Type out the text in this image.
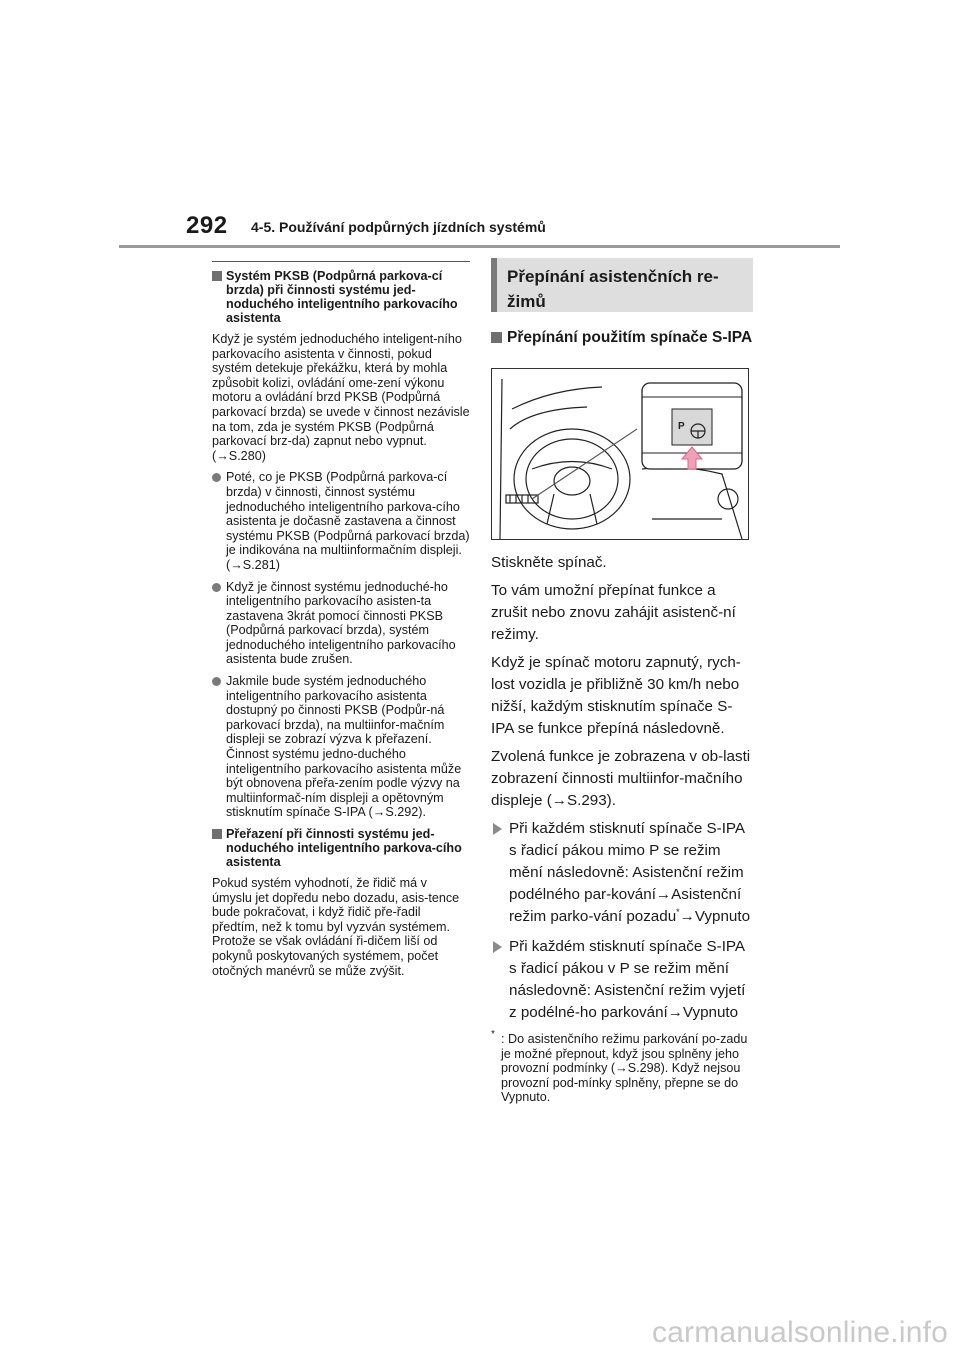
292 4-5. Používání podpůrných jízdních systémů
Systém PKSB (Podpůrná parkova-cí brzda) při činnosti systému jed-noduchého inteligentního parkovacího asistenta

Když je systém jednoduchého inteligent-ního parkovacího asistenta v činnosti, pokud systém detekuje překážku, která by mohla způsobit kolizi, ovládání ome-zení výkonu motoru a ovládání brzd PKSB (Podpůrná parkovací brzda) se uvede v činnost nezávisle na tom, zda je systém PKSB (Podpůrná parkovací brz-da) zapnut nebo vypnut. (→S.280)

Poté, co je PKSB (Podpůrná parkova-cí brzda) v činnosti, činnost systému jednoduchého inteligentního parkova-cího asistenta je dočasně zastavena a činnost systému PKSB (Podpůrná parkovací brzda) je indikována na multiinformačním displeji. (→S.281)
Když je činnost systému jednoduché-ho inteligentního parkovacího asisten-ta zastavena 3krát pomocí činnosti PKSB (Podpůrná parkovací brzda), systém jednoduchého inteligentního parkovacího asistenta bude zrušen.
Jakmile bude systém jednoduchého inteligentního parkovacího asistenta dostupný po činnosti PKSB (Podpůr-ná parkovací brzda), na multiinfor-mačním displeji se zobrazí výzva k přeřazení. Činnost systému jedno-duchého inteligentního parkovacího asistenta může být obnovena přeřa-zením podle výzvy na multiinformač-ním displeji a opětovným stisknutím spínače S-IPA (→S.292).
Přeřazení při činnosti systému jed-noduchého inteligentního parkova-cího asistenta

Pokud systém vyhodnotí, že řidič má v úmyslu jet dopředu nebo dozadu, asis-tence bude pokračovat, i když řidič pře-řadil předtím, než k tomu byl vyzván systémem. Protože se však ovládání ři-dičem liší od pokynů poskytovaných systémem, počet otočných manévrů se může zvýšit.

Přepínání asistenčních re-žimů
Přepínání použitím spínače S-IPA
P

Stiskněte spínač.

To vám umožní přepínat funkce a zrušit nebo znovu zahájit asistenč-ní režimy.

Když je spínač motoru zapnutý, rych-lost vozidla je přibližně 30 km/h nebo nižší, každým stisknutím spínače S-IPA se funkce přepíná následovně.

Zvolená funkce je zobrazena v ob-lasti zobrazení činnosti multiinfor-mačního displeje (→S.293).

Při každém stisknutí spínače S-IPA s řadicí pákou mimo P se režim mění následovně: Asistenční režim podélného par-kování→Asistenční režim parko-vání pozadu*→Vypnuto
Při každém stisknutí spínače S-IPA s řadicí pákou v P se režim mění následovně: Asistenční režim vyjetí z podélné-ho parkování→Vypnuto
* : Do asistenčního režimu parkování po-zadu je možné přepnout, když jsou splněny jeho provozní podmínky (→S.298). Když nejsou provozní pod-mínky splněny, přepne se do Vypnuto.
carmanualsonline.info
